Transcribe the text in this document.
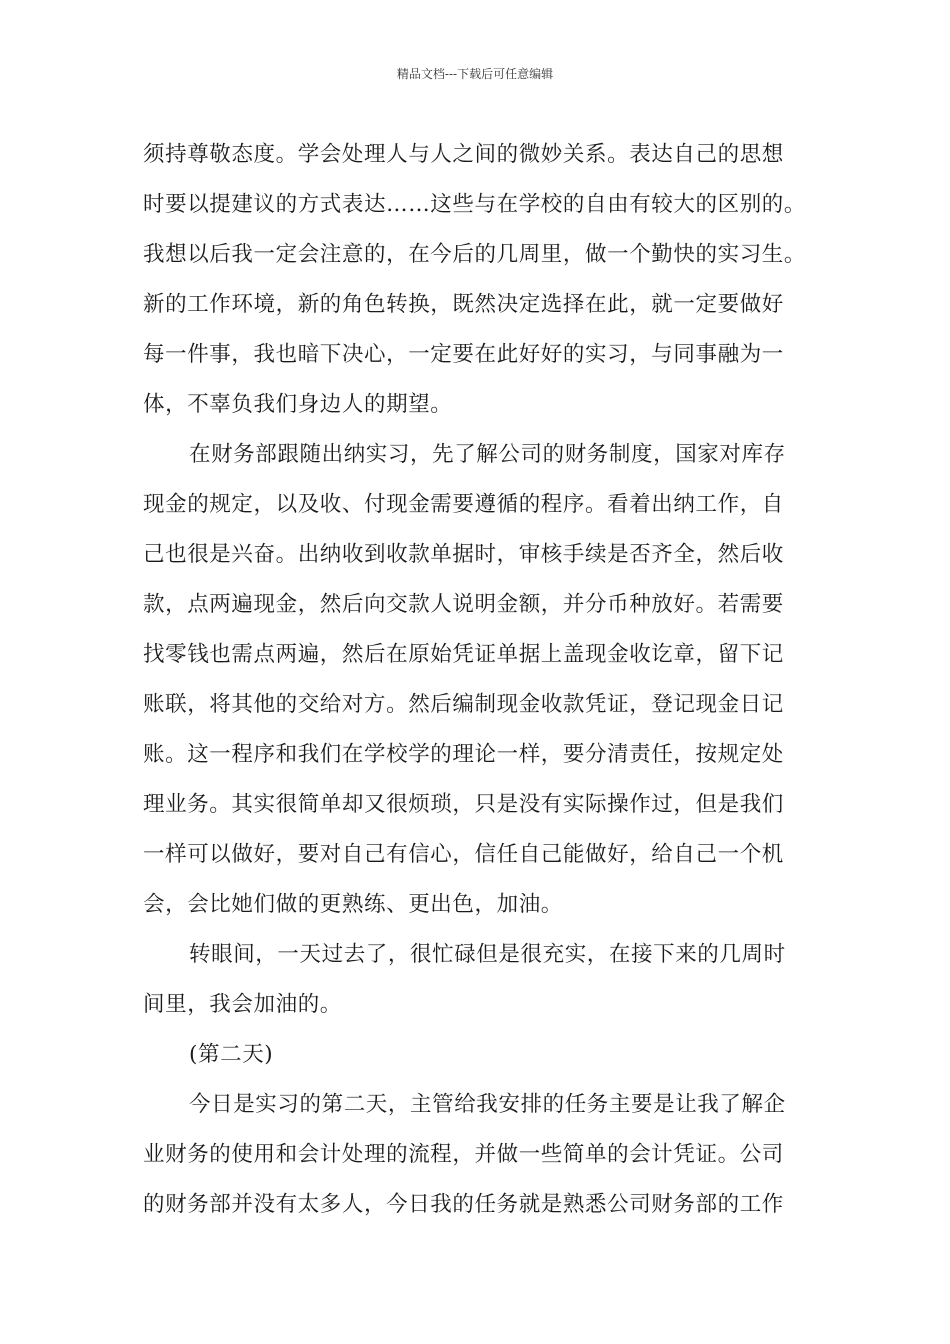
精品文档---下载后可任意编辑
须持尊敬态度。学会处理人与人之间的微妙关系。表达自己的思想
时要以提建议的方式表达……这些与在学校的自由有较大的区别的。
我想以后我一定会注意的，在今后的几周里，做一个勤快的实习生。
新的工作环境，新的角色转换，既然决定选择在此，就一定要做好
每一件事，我也暗下决心，一定要在此好好的实习，与同事融为一
体，不辜负我们身边人的期望。
在财务部跟随出纳实习，先了解公司的财务制度，国家对库存
现金的规定，以及收、付现金需要遵循的程序。看着出纳工作，自
己也很是兴奋。出纳收到收款单据时，审核手续是否齐全，然后收
款，点两遍现金，然后向交款人说明金额，并分币种放好。若需要
找零钱也需点两遍，然后在原始凭证单据上盖现金收讫章，留下记
账联，将其他的交给对方。然后编制现金收款凭证，登记现金日记
账。这一程序和我们在学校学的理论一样，要分清责任，按规定处
理业务。其实很简单却又很烦琐，只是没有实际操作过，但是我们
一样可以做好，要对自己有信心，信任自己能做好，给自己一个机
会，会比她们做的更熟练、更出色，加油。
转眼间，一天过去了，很忙碌但是很充实，在接下来的几周时
间里，我会加油的。
(第二天)
今日是实习的第二天，主管给我安排的任务主要是让我了解企
业财务的使用和会计处理的流程，并做一些简单的会计凭证。公司
的财务部并没有太多人，今日我的任务就是熟悉公司财务部的工作
